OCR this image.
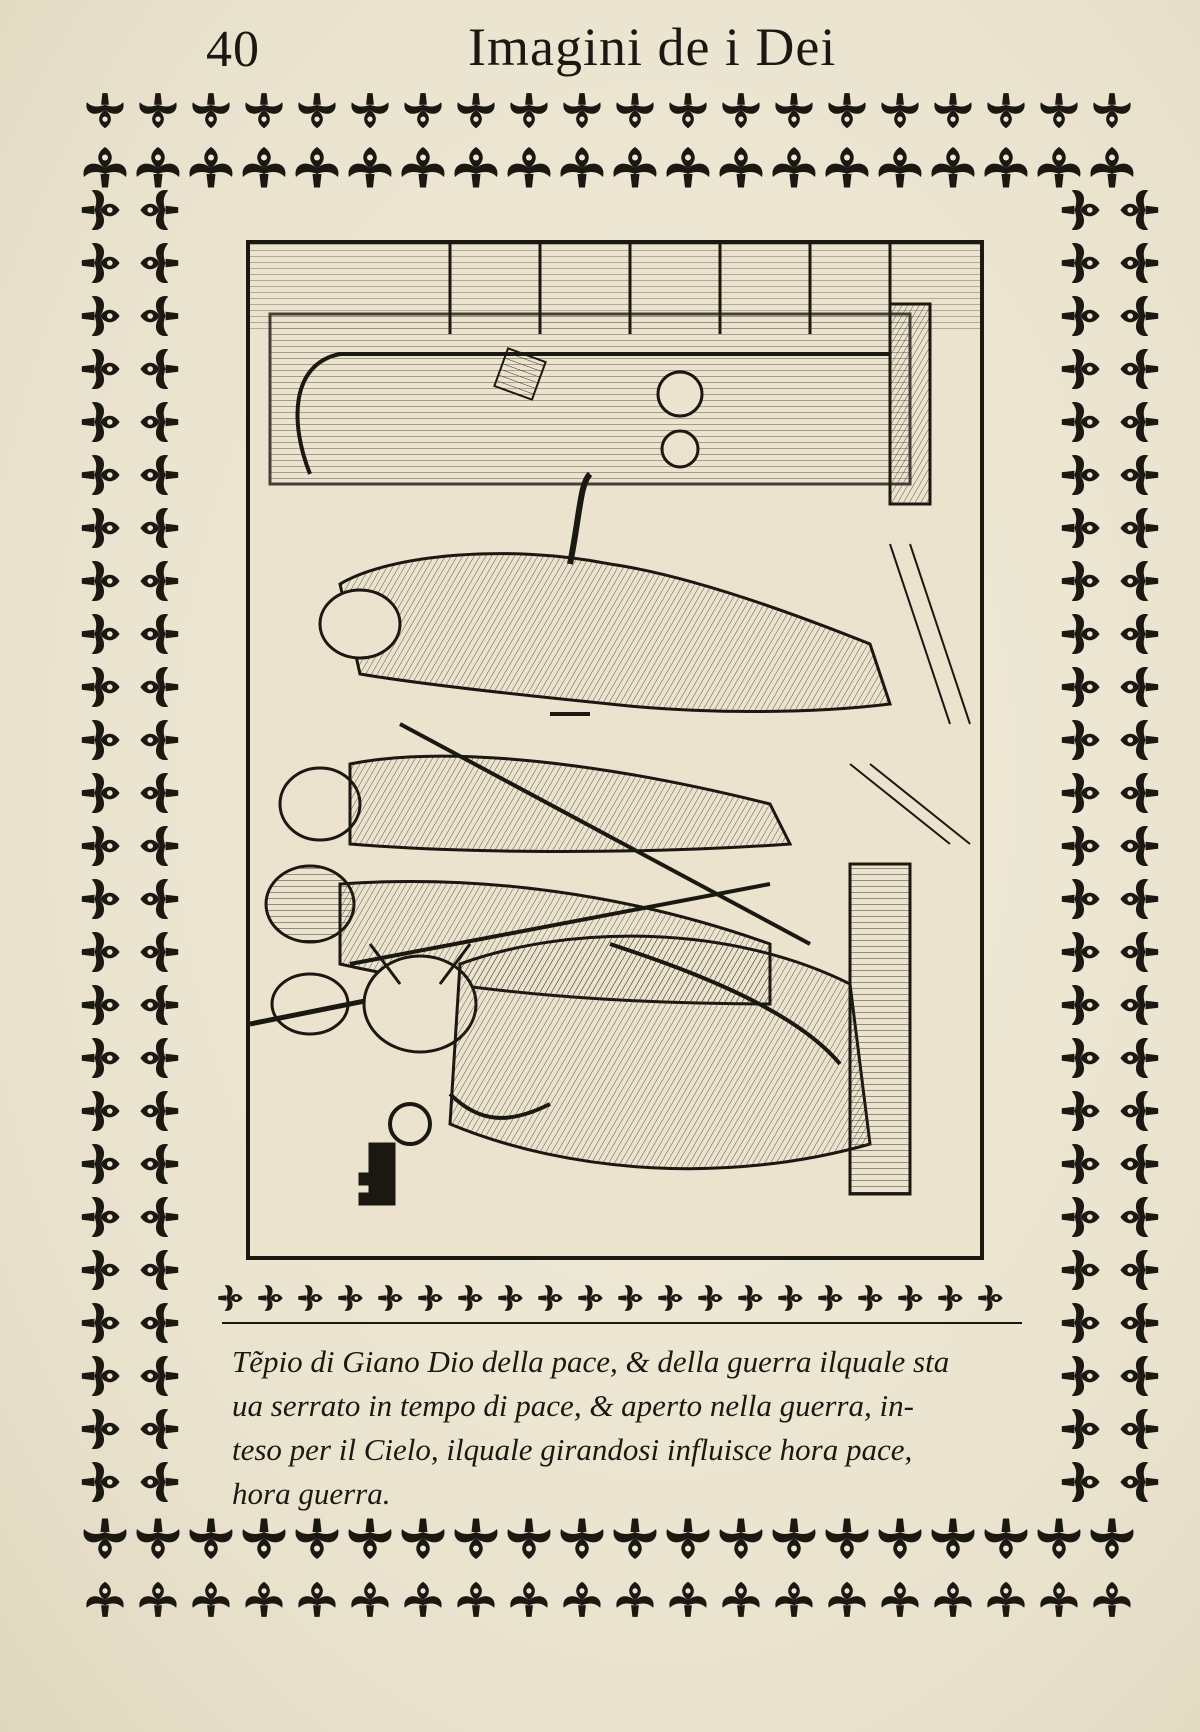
40	Imagini de i Dei
Tẽpio di Giano Dio della pace, & della guerra ilquale sta
ua serrato in tempo di pace, & aperto nella guerra, in-
teso per il Cielo, ilquale girandosi influisce hora pace,
hora guerra.
